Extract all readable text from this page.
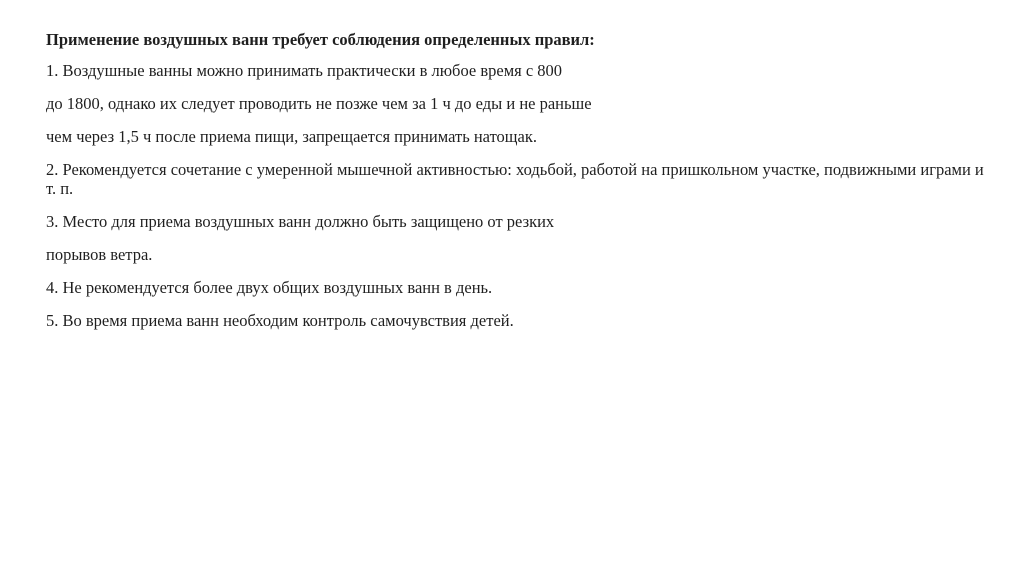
Применение воздушных ванн требует соблюдения определенных правил:

1. Воздушные ванны можно принимать практически в любое время с 800

до 1800, однако их следует проводить не позже чем за 1 ч до еды и не раньше

чем через 1,5 ч после приема пищи, запрещается принимать натощак.

2. Рекомендуется сочетание с умеренной мышечной активностью: ходьбой, работой на пришкольном участке, подвижными играми и т. п.

3. Место для приема воздушных ванн должно быть защищено от резких

порывов ветра.

4. Не рекомендуется более двух общих воздушных ванн в день.

5. Во время приема ванн необходим контроль самочувствия детей.
